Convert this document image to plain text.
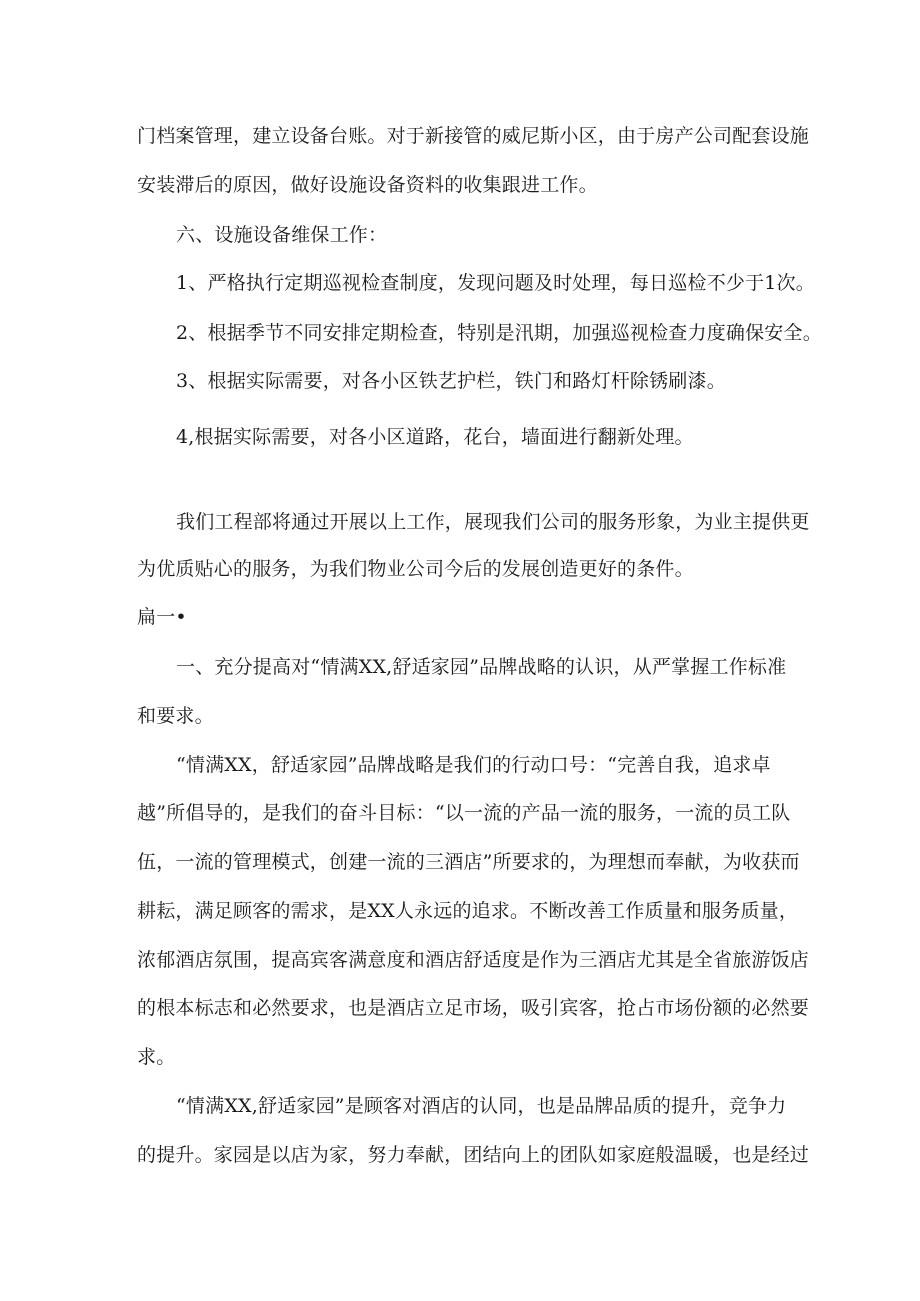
门档案管理，建立设备台账。对于新接管的威尼斯小区，由于房产公司配套设施

安装滞后的原因，做好设施设备资料的收集跟进工作。

六、设施设备维保工作：

1、严格执行定期巡视检查制度，发现问题及时处理，每日巡检不少于1次。

2、根据季节不同安排定期检查，特别是汛期，加强巡视检查力度确保安全。

3、根据实际需要，对各小区铁艺护栏，铁门和路灯杆除锈刷漆。

4,根据实际需要，对各小区道路，花台，墙面进行翻新处理。

我们工程部将通过开展以上工作，展现我们公司的服务形象，为业主提供更

为优质贴心的服务，为我们物业公司今后的发展创造更好的条件。

扁一•

一、充分提高对“情满XX,舒适家园”品牌战略的认识，从严掌握工作标准

和要求。

“情满XX，舒适家园”品牌战略是我们的行动口号：“完善自我，追求卓

越”所倡导的，是我们的奋斗目标：“以一流的产品一流的服务，一流的员工队

伍，一流的管理模式，创建一流的三酒店”所要求的，为理想而奉献，为收获而

耕耘，满足顾客的需求，是XX人永远的追求。不断改善工作质量和服务质量，

浓郁酒店氛围，提高宾客满意度和酒店舒适度是作为三酒店尤其是全省旅游饭店

的根本标志和必然要求，也是酒店立足市场，吸引宾客，抢占市场份额的必然要

求。

“情满XX,舒适家园”是顾客对酒店的认同，也是品牌品质的提升，竞争力

的提升。家园是以店为家，努力奉献，团结向上的团队如家庭般温暖，也是经过
